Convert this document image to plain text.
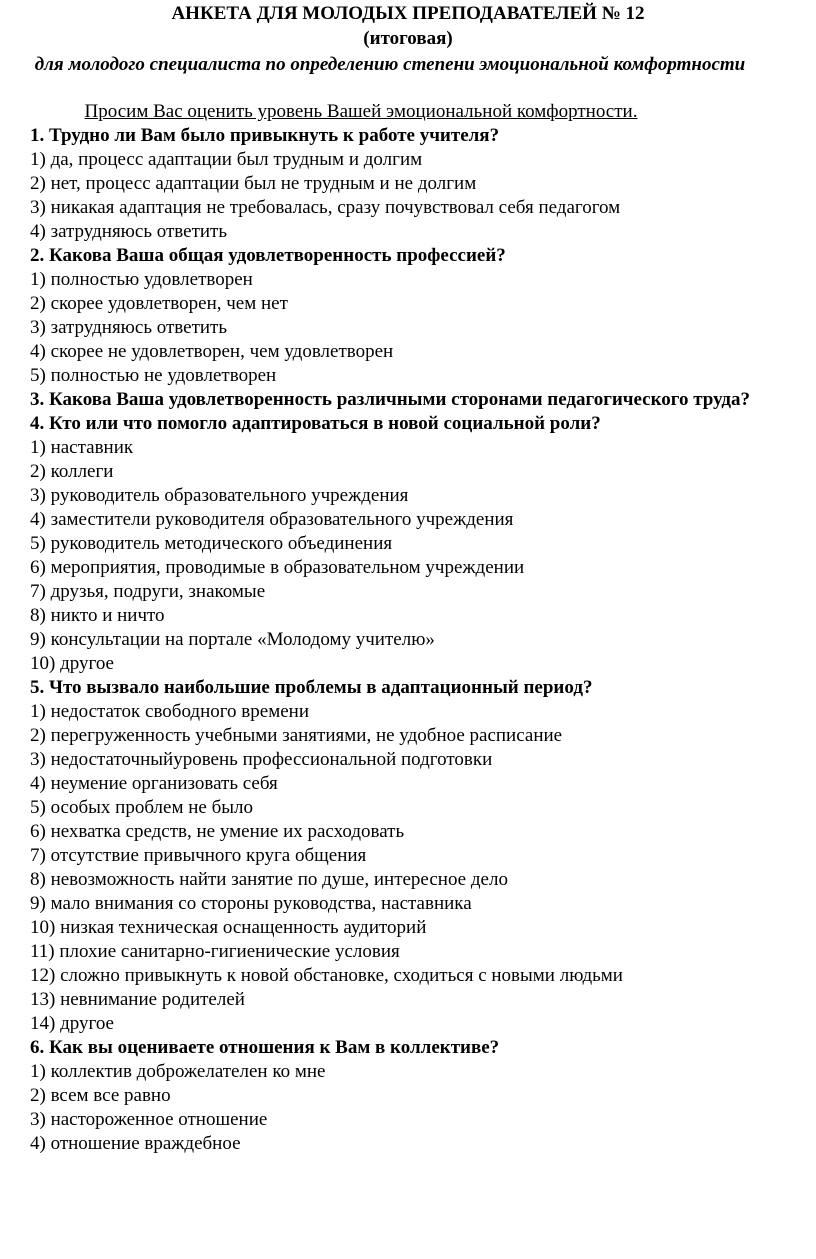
АНКЕТА ДЛЯ МОЛОДЫХ ПРЕПОДАВАТЕЛЕЙ № 12
(итоговая)
для молодого специалиста по определению степени эмоциональной комфортности
Просим Вас оценить уровень Вашей эмоциональной комфортности.
1. Трудно ли Вам было привыкнуть к работе учителя?
1) да, процесс адаптации был трудным и долгим
2) нет, процесс адаптации был не трудным и не долгим
3) никакая адаптация не требовалась, сразу почувствовал себя педагогом
4) затрудняюсь ответить
2. Какова Ваша общая удовлетворенность профессией?
1) полностью удовлетворен
2) скорее удовлетворен, чем нет
3) затрудняюсь ответить
4) скорее не удовлетворен, чем удовлетворен
5) полностью не удовлетворен
3. Какова Ваша удовлетворенность различными сторонами педагогического труда?
4. Кто или что помогло адаптироваться в новой социальной роли?
1) наставник
2) коллеги
3) руководитель образовательного учреждения
4) заместители руководителя образовательного учреждения
5) руководитель методического объединения
6) мероприятия, проводимые в образовательном учреждении
7) друзья, подруги, знакомые
8) никто и ничто
9) консультации на портале «Молодому учителю»
10) другое
5. Что вызвало наибольшие проблемы в адаптационный период?
1) недостаток свободного времени
2) перегруженность учебными занятиями, не удобное расписание
3) недостаточныйуровень профессиональной подготовки
4) неумение организовать себя
5) особых проблем не было
6) нехватка средств, не умение их расходовать
7) отсутствие привычного круга общения
8) невозможность найти занятие по душе, интересное дело
9) мало внимания со стороны руководства, наставника
10) низкая техническая оснащенность аудиторий
11) плохие санитарно-гигиенические условия
12) сложно привыкнуть к новой обстановке, сходиться с новыми людьми
13) невнимание родителей
14) другое
6. Как вы оцениваете отношения к Вам в коллективе?
1) коллектив доброжелателен ко мне
2) всем все равно
3) настороженное отношение
4) отношение враждебное
